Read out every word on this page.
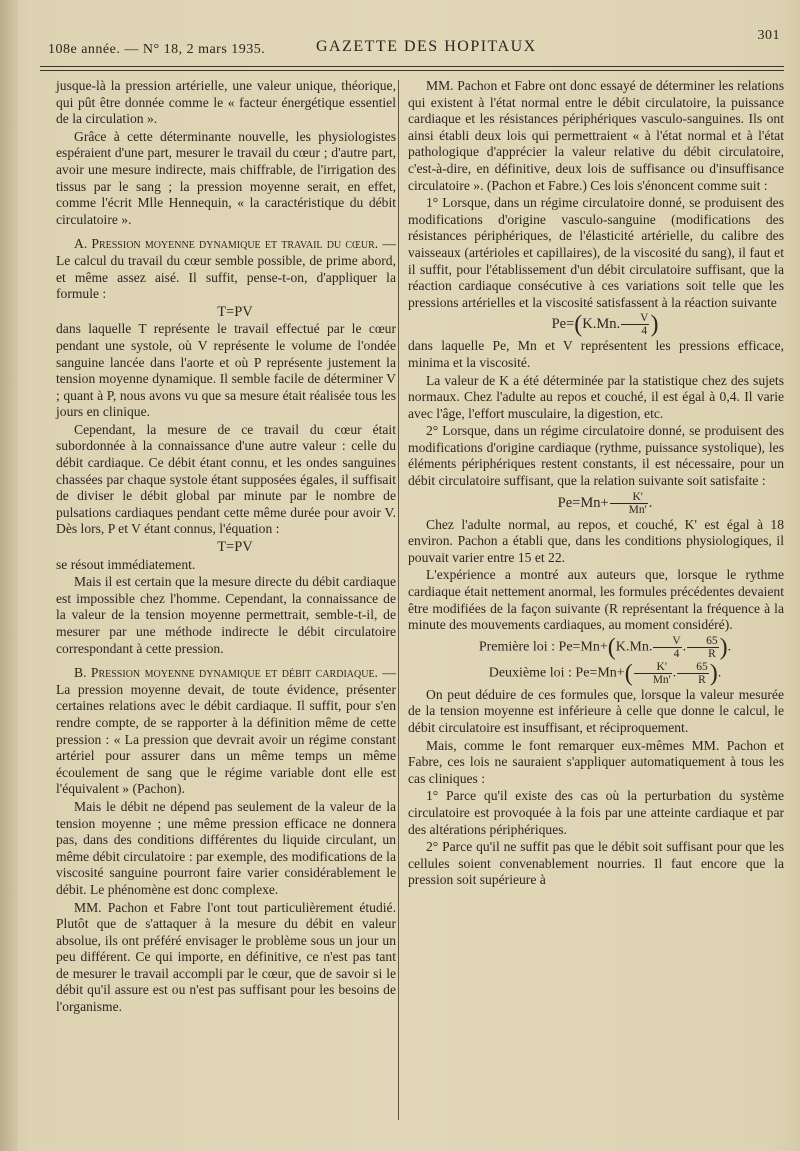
108e année. — N° 18, 2 mars 1935.	GAZETTE DES HOPITAUX
301

jusque-là la pression artérielle, une valeur unique, théorique, qui pût être donnée comme le « facteur énergétique essentiel de la circulation ».

Grâce à cette déterminante nouvelle, les physiologistes espéraient d'une part, mesurer le travail du cœur ; d'autre part, avoir une mesure indirecte, mais chiffrable, de l'irrigation des tissus par le sang ; la pression moyenne serait, en effet, comme l'écrit Mlle Hennequin, « la caractéristique du débit circulatoire ».

A. Pression moyenne dynamique et travail du cœur. — Le calcul du travail du cœur semble possible, de prime abord, et même assez aisé. Il suffit, pense-t-on, d'appliquer la formule :

T=PV

dans laquelle T représente le travail effectué par le cœur pendant une systole, où V représente le volume de l'ondée sanguine lancée dans l'aorte et où P représente justement la tension moyenne dynamique. Il semble facile de déterminer V ; quant à P, nous avons vu que sa mesure était réalisée tous les jours en clinique.

Cependant, la mesure de ce travail du cœur était subordonnée à la connaissance d'une autre valeur : celle du débit cardiaque. Ce débit étant connu, et les ondes sanguines chassées par chaque systole étant supposées égales, il suffisait de diviser le débit global par minute par le nombre de pulsations cardiaques pendant cette même durée pour avoir V. Dès lors, P et V étant connus, l'équation :

T=PV

se résout immédiatement.

Mais il est certain que la mesure directe du débit cardiaque est impossible chez l'homme. Cependant, la connaissance de la valeur de la tension moyenne permettrait, semble-t-il, de mesurer par une méthode indirecte le débit circulatoire correspondant à cette pression.

B. Pression moyenne dynamique et débit cardiaque. — La pression moyenne devait, de toute évidence, présenter certaines relations avec le débit cardiaque. Il suffit, pour s'en rendre compte, de se rapporter à la définition même de cette pression : « La pression que devrait avoir un régime constant artériel pour assurer dans un même temps un même écoulement de sang que le régime variable dont elle est l'équivalent » (Pachon).

Mais le débit ne dépend pas seulement de la valeur de la tension moyenne ; une même pression efficace ne donnera pas, dans des conditions différentes du liquide circulant, un même débit circulatoire : par exemple, des modifications de la viscosité sanguine pourront faire varier considérablement le débit. Le phénomène est donc complexe.

MM. Pachon et Fabre l'ont tout particulièrement étudié. Plutôt que de s'attaquer à la mesure du débit en valeur absolue, ils ont préféré envisager le problème sous un jour un peu différent. Ce qui importe, en définitive, ce n'est pas tant de mesurer le travail accompli par le cœur, que de savoir si le débit qu'il assure est ou n'est pas suffisant pour les besoins de l'organisme.

MM. Pachon et Fabre ont donc essayé de déterminer les relations qui existent à l'état normal entre le débit circulatoire, la puissance cardiaque et les résistances périphériques vasculo-sanguines. Ils ont ainsi établi deux lois qui permettraient « à l'état normal et à l'état pathologique d'apprécier la valeur relative du débit circulatoire, c'est-à-dire, en définitive, deux lois de suffisance ou d'insuffisance circulatoire ». (Pachon et Fabre.) Ces lois s'énoncent comme suit :

1° Lorsque, dans un régime circulatoire donné, se produisent des modifications d'origine vasculo-sanguine (modifications des résistances périphériques, de l'élasticité artérielle, du calibre des vaisseaux (artérioles et capillaires), de la viscosité du sang), il faut et il suffit, pour l'établissement d'un débit circulatoire suffisant, que la réaction cardiaque consécutive à ces variations soit telle que les pressions artérielles et la viscosité satisfassent à la réaction suivante

Pe=(K.Mn. $\frac{V}{4}$ )

dans laquelle Pe, Mn et V représentent les pressions efficace, minima et la viscosité.

La valeur de K a été déterminée par la statistique chez des sujets normaux. Chez l'adulte au repos et couché, il est égal à 0,4. Il varie avec l'âge, l'effort musculaire, la digestion, etc.

2° Lorsque, dans un régime circulatoire donné, se produisent des modifications d'origine cardiaque (rythme, puissance systolique), les éléments périphériques restent constants, il est nécessaire, pour un débit circulatoire suffisant, que la relation suivante soit satisfaite :

$Pe=Mn+ \frac{K'}{Mn'}$ .

Chez l'adulte normal, au repos, et couché, K' est égal à 18 environ. Pachon a établi que, dans les conditions physiologiques, il pouvait varier entre 15 et 22.

L'expérience a montré aux auteurs que, lorsque le rythme cardiaque était nettement anormal, les formules précédentes devaient être modifiées de la façon suivante (R représentant la fréquence à la minute des mouvements cardiaques, au moment considéré).

Première loi : Pe=Mn+(K.Mn. $\frac{V}{4}$ . $\frac{65}{R}$ ).

Deuxième loi : $Pe=Mn+( \frac{K'}{Mn'}$ . $\frac{65}{R}$ ).

On peut déduire de ces formules que, lorsque la valeur mesurée de la tension moyenne est inférieure à celle que donne le calcul, le débit circulatoire est insuffisant, et réciproquement.

Mais, comme le font remarquer eux-mêmes MM. Pachon et Fabre, ces lois ne sauraient s'appliquer automatiquement à tous les cas cliniques :

1° Parce qu'il existe des cas où la perturbation du système circulatoire est provoquée à la fois par une atteinte cardiaque et par des altérations périphériques.

2° Parce qu'il ne suffit pas que le débit soit suffisant pour que les cellules soient convenablement nourries. Il faut encore que la pression soit supérieure à
